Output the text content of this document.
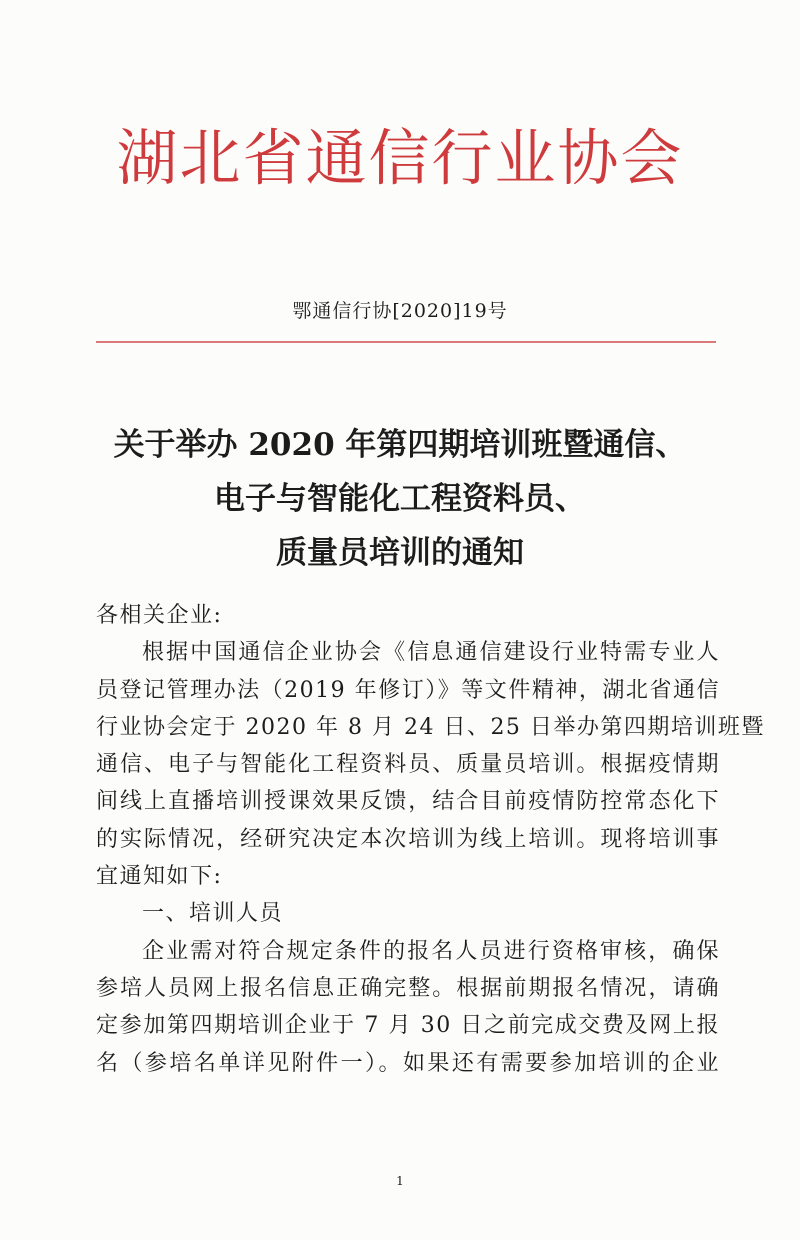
湖北省通信行业协会
鄂通信行协[2020]19号
关于举办 2020 年第四期培训班暨通信、
电子与智能化工程资料员、
质量员培训的通知
各相关企业:
根据中国通信企业协会《信息通信建设行业特需专业人
员登记管理办法（2019 年修订）》等文件精神，湖北省通信
行业协会定于 2020 年 8 月 24 日、25 日举办第四期培训班暨
通信、电子与智能化工程资料员、质量员培训。根据疫情期
间线上直播培训授课效果反馈，结合目前疫情防控常态化下
的实际情况，经研究决定本次培训为线上培训。现将培训事
宜通知如下:
一、培训人员
企业需对符合规定条件的报名人员进行资格审核，确保
参培人员网上报名信息正确完整。根据前期报名情况，请确
定参加第四期培训企业于 7 月 30 日之前完成交费及网上报
名（参培名单详见附件一）。如果还有需要参加培训的企业
1
